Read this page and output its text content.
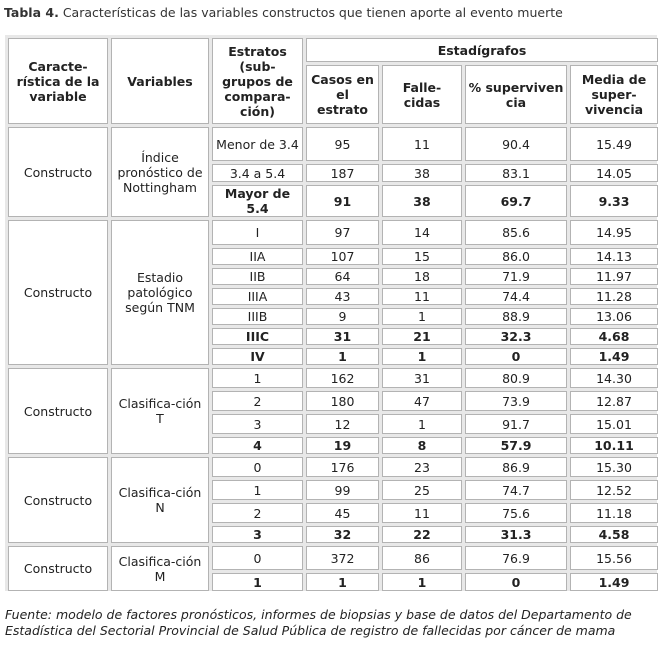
Tabla 4. Características de las variables constructos que tienen aporte al evento muerte
Caracte-rística de la variable	Variables	Estratos (sub-grupos de compara-ción)	Estadígrafos			
			Casos en el estrato	Falle-cidas	% superviven cia	Media de super-vivencia
Constructo	Índice pronóstico de Nottingham	Menor de 3.4	95	11	90.4	15.49
		3.4 a 5.4	187	38	83.1	14.05
		Mayor de 5.4	91	38	69.7	9.33
Constructo	Estadio patológico según TNM	I	97	14	85.6	14.95
		IIA	107	15	86.0	14.13
		IIB	64	18	71.9	11.97
		IIIA	43	11	74.4	11.28
		IIIB	9	1	88.9	13.06
		IIIC	31	21	32.3	4.68
		IV	1	1	0	1.49
Constructo	Clasifica-ción T	1	162	31	80.9	14.30
		2	180	47	73.9	12.87
		3	12	1	91.7	15.01
		4	19	8	57.9	10.11
Constructo	Clasifica-ción N	0	176	23	86.9	15.30
		1	99	25	74.7	12.52
		2	45	11	75.6	11.18
		3	32	22	31.3	4.58
Constructo	Clasifica-ción M	0	372	86	76.9	15.56
		1	1	1	0	1.49
Fuente: modelo de factores pronósticos, informes de biopsias y base de datos del Departamento de Estadística del Sectorial Provincial de Salud Pública de registro de fallecidas por cáncer de mama
